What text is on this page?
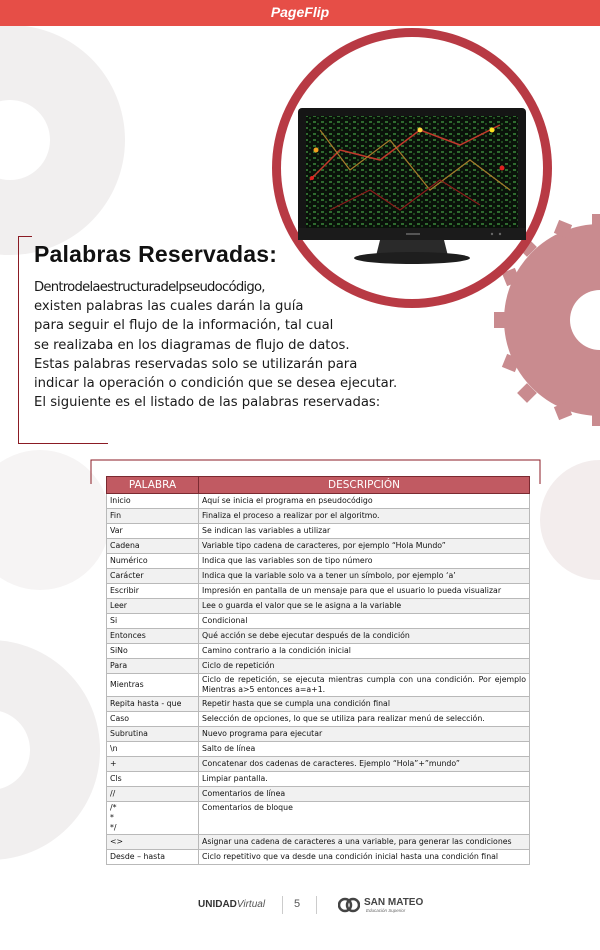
PageFlip
Palabras Reservadas:
Dentrodelaestructuradelpseudocódigo,
existen palabras las cuales darán la guía
para seguir el flujo de la información, tal cual
se realizaba en los diagramas de flujo de datos.
Estas palabras reservadas solo se utilizarán para
indicar la operación o condición que se desea ejecutar.
El siguiente es el listado de las palabras reservadas:
PALABRA	DESCRIPCIÓN
Inicio	Aquí se inicia el programa en pseudocódigo
Fin	Finaliza el proceso a realizar por el algoritmo.
Var	Se indican las variables a utilizar
Cadena	Variable tipo cadena de caracteres, por ejemplo “Hola Mundo”
Numérico	Indica que las variables son de tipo número
Carácter	Indica que la variable solo va a tener un símbolo, por ejemplo ‘a’
Escribir	Impresión en pantalla de un mensaje para que el usuario lo pueda visualizar
Leer	Lee o guarda el valor que se le asigna a la variable
Si	Condicional
Entonces	Qué acción se debe ejecutar después de la condición
SiNo	Camino contrario a la condición inicial
Para	Ciclo de repetición
Mientras	Ciclo de repetición, se ejecuta mientras cumpla con una condición. Por ejemplo Mientras a>5 entonces a=a+1.
Repita hasta - que	Repetir hasta que se cumpla una condición final
Caso	Selección de opciones, lo que se utiliza para realizar menú de selección.
Subrutina	Nuevo programa para ejecutar
\n	Salto de línea
+	Concatenar dos cadenas de caracteres. Ejemplo “Hola”+”mundo”
Cls	Limpiar pantalla.
//	Comentarios de línea
/*
*
*/	Comentarios de bloque
<>	Asignar una cadena de caracteres a una variable, para generar las condiciones
Desde – hasta	Ciclo repetitivo que va desde una condición inicial hasta una condición final
UNIDADVirtual	5	SAN MATEO
Educación Superior
